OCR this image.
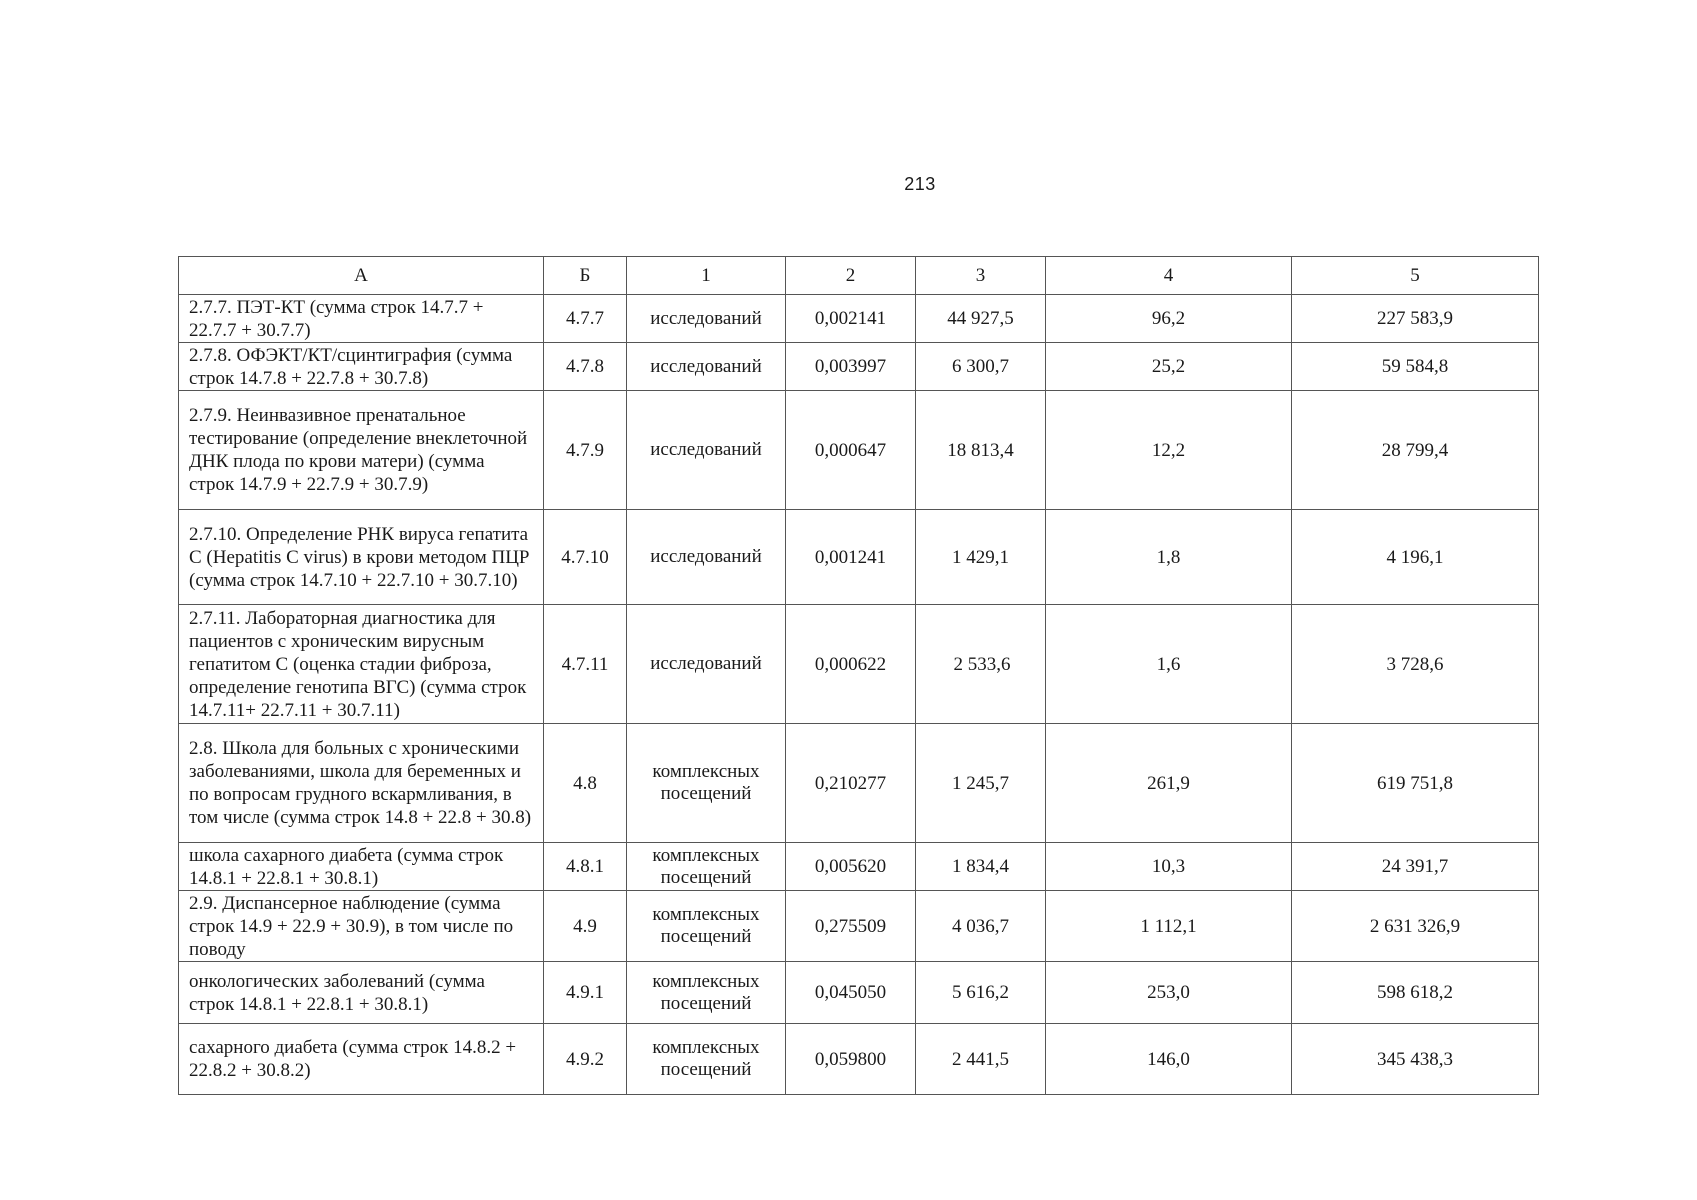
213
А	Б	1	2	3	4	5
2.7.7. ПЭТ-КТ (сумма строк 14.7.7 + 22.7.7 + 30.7.7)	4.7.7	исследований	0,002141	44 927,5	96,2	227 583,9
2.7.8. ОФЭКТ/КТ/сцинтиграфия (сумма строк 14.7.8 + 22.7.8 + 30.7.8)	4.7.8	исследований	0,003997	6 300,7	25,2	59 584,8
2.7.9. Неинвазивное пренатальное тестирование (определение внеклеточной ДНК плода по крови матери) (сумма строк 14.7.9 + 22.7.9 + 30.7.9)	4.7.9	исследований	0,000647	18 813,4	12,2	28 799,4
2.7.10. Определение РНК вируса гепатита C (Hepatitis C virus) в крови методом ПЦР (сумма строк 14.7.10 + 22.7.10 + 30.7.10)	4.7.10	исследований	0,001241	1 429,1	1,8	4 196,1
2.7.11. Лабораторная диагностика для пациентов с хроническим вирусным гепатитом C (оценка стадии фиброза, определение генотипа ВГС) (сумма строк 14.7.11+ 22.7.11 + 30.7.11)	4.7.11	исследований	0,000622	2 533,6	1,6	3 728,6
2.8. Школа для больных с хроническими заболеваниями, школа для беременных и по вопросам грудного вскармливания, в том числе (сумма строк 14.8 + 22.8 + 30.8)	4.8	комплексных посещений	0,210277	1 245,7	261,9	619 751,8
школа сахарного диабета (сумма строк 14.8.1 + 22.8.1 + 30.8.1)	4.8.1	комплексных посещений	0,005620	1 834,4	10,3	24 391,7
2.9. Диспансерное наблюдение (сумма строк 14.9 + 22.9 + 30.9), в том числе по поводу	4.9	комплексных посещений	0,275509	4 036,7	1 112,1	2 631 326,9
онкологических заболеваний (сумма строк 14.8.1 + 22.8.1 + 30.8.1)	4.9.1	комплексных посещений	0,045050	5 616,2	253,0	598 618,2
сахарного диабета (сумма строк 14.8.2 + 22.8.2 + 30.8.2)	4.9.2	комплексных посещений	0,059800	2 441,5	146,0	345 438,3
